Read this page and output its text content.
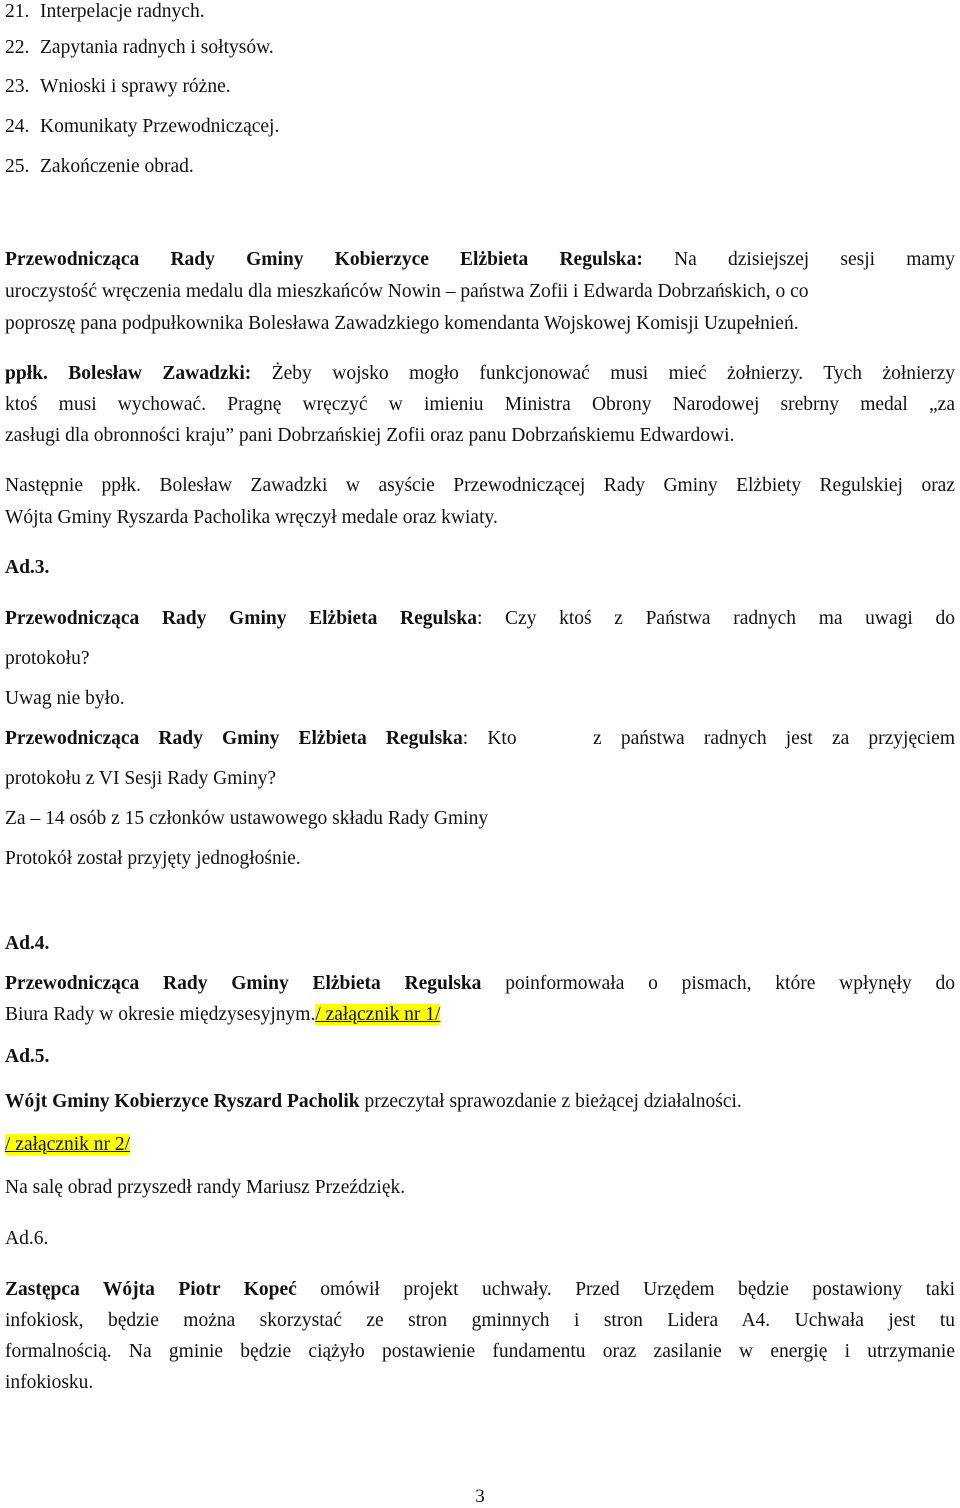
21. Interpelacje radnych.
22. Zapytania radnych i sołtysów.
23. Wnioski i sprawy różne.
24. Komunikaty Przewodniczącej.
25. Zakończenie obrad.
Przewodnicząca Rady Gminy Kobierzyce Elżbieta Regulska: Na dzisiejszej sesji mamy
uroczystość wręczenia medalu dla mieszkańców Nowin – państwa Zofii i Edwarda Dobrzańskich, o co
poproszę pana podpułkownika Bolesława Zawadzkiego komendanta Wojskowej Komisji Uzupełnień.
ppłk. Bolesław Zawadzki: Żeby wojsko mogło funkcjonować musi mieć żołnierzy. Tych żołnierzy
ktoś musi wychować. Pragnę wręczyć w imieniu Ministra Obrony Narodowej srebrny medal „za
zasługi dla obronności kraju” pani Dobrzańskiej Zofii oraz panu Dobrzańskiemu Edwardowi.
Następnie ppłk. Bolesław Zawadzki w asyście Przewodniczącej Rady Gminy Elżbiety Regulskiej oraz
Wójta Gminy Ryszarda Pacholika wręczył medale oraz kwiaty.
Ad.3.
Przewodnicząca Rady Gminy Elżbieta Regulska: Czy ktoś z Państwa radnych ma uwagi do
protokołu?
Uwag nie było.
Przewodnicząca Rady Gminy Elżbieta Regulska: Kto    z państwa radnych jest za przyjęciem
protokołu z VI Sesji Rady Gminy?
Za – 14 osób z 15 członków ustawowego składu Rady Gminy
Protokół został przyjęty jednogłośnie.
Ad.4.
Przewodnicząca Rady Gminy Elżbieta Regulska poinformowała o pismach, które wpłynęły do
Biura Rady w okresie międzysesyjnym./ załącznik nr 1/
Ad.5.
Wójt Gminy Kobierzyce Ryszard Pacholik przeczytał sprawozdanie z bieżącej działalności.
/ załącznik nr 2/
Na salę obrad przyszedł randy Mariusz Przeździęk.
Ad.6.
Zastępca Wójta Piotr Kopeć omówił projekt uchwały. Przed Urzędem będzie postawiony taki
infokiosk, będzie można skorzystać ze stron gminnych i stron Lidera A4. Uchwała jest tu
formalnością. Na gminie będzie ciążyło postawienie fundamentu oraz zasilanie w energię i utrzymanie
infokiosku.
3
